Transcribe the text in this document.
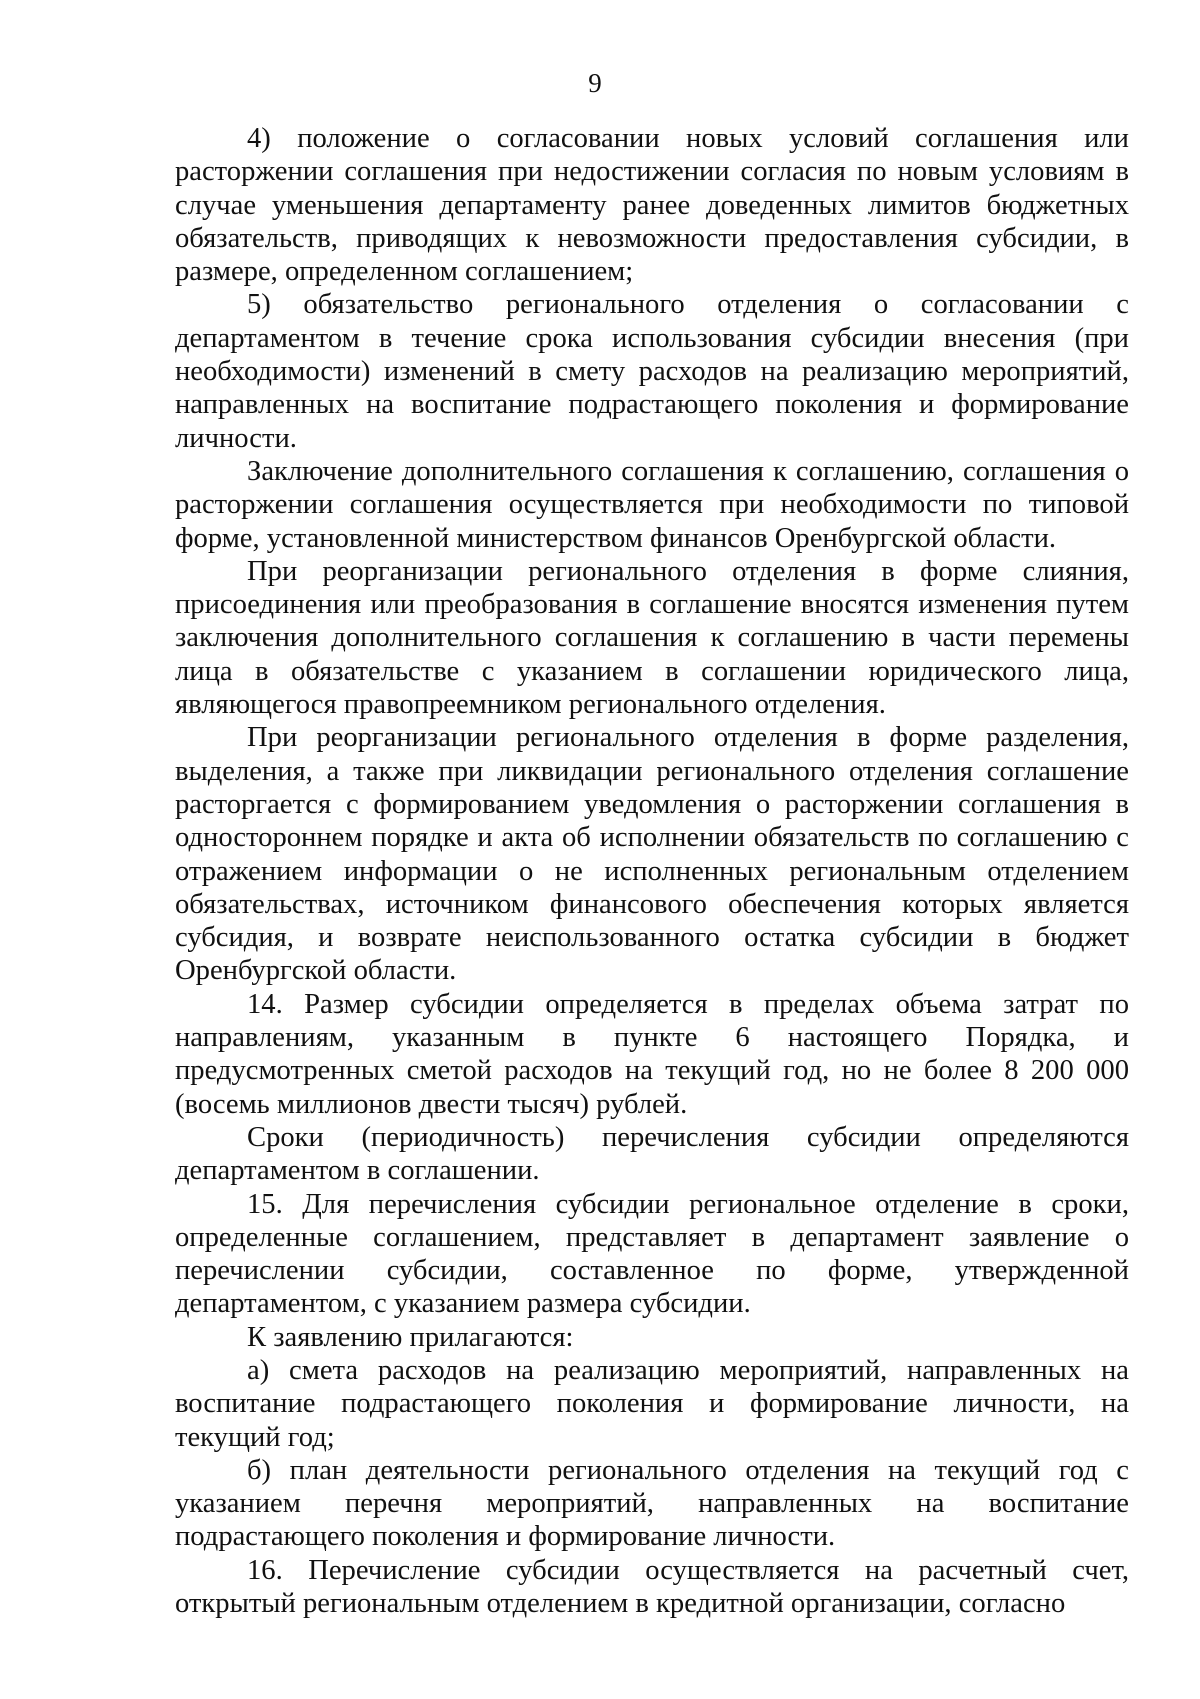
9

4) положение о согласовании новых условий соглашения или расторжении соглашения при недостижении согласия по новым условиям в случае уменьшения департаменту ранее доведенных лимитов бюджетных обязательств, приводящих к невозможности предоставления субсидии, в размере, определенном соглашением;

5) обязательство регионального отделения о согласовании с департаментом в течение срока использования субсидии внесения (при необходимости) изменений в смету расходов на реализацию мероприятий, направленных на воспитание подрастающего поколения и формирование личности.

Заключение дополнительного соглашения к соглашению, соглашения о расторжении соглашения осуществляется при необходимости по типовой форме, установленной министерством финансов Оренбургской области.

При реорганизации регионального отделения в форме слияния, присоединения или преобразования в соглашение вносятся изменения путем заключения дополнительного соглашения к соглашению в части перемены лица в обязательстве с указанием в соглашении юридического лица, являющегося правопреемником регионального отделения.

При реорганизации регионального отделения в форме разделения, выделения, а также при ликвидации регионального отделения соглашение расторгается с формированием уведомления о расторжении соглашения в одностороннем порядке и акта об исполнении обязательств по соглашению с отражением информации о не исполненных региональным отделением обязательствах, источником финансового обеспечения которых является субсидия, и возврате неиспользованного остатка субсидии в бюджет Оренбургской области.

14. Размер субсидии определяется в пределах объема затрат по направлениям, указанным в пункте 6 настоящего Порядка, и предусмотренных сметой расходов на текущий год, но не более 8 200 000 (восемь миллионов двести тысяч) рублей.

Сроки (периодичность) перечисления субсидии определяются департаментом в соглашении.

15. Для перечисления субсидии региональное отделение в сроки, определенные соглашением, представляет в департамент заявление о перечислении субсидии, составленное по форме, утвержденной департаментом, с указанием размера субсидии.

К заявлению прилагаются:

а) смета расходов на реализацию мероприятий, направленных на воспитание подрастающего поколения и формирование личности, на текущий год;

б) план деятельности регионального отделения на текущий год с указанием перечня мероприятий, направленных на воспитание подрастающего поколения и формирование личности.

16. Перечисление субсидии осуществляется на расчетный счет, открытый региональным отделением в кредитной организации, согласно
